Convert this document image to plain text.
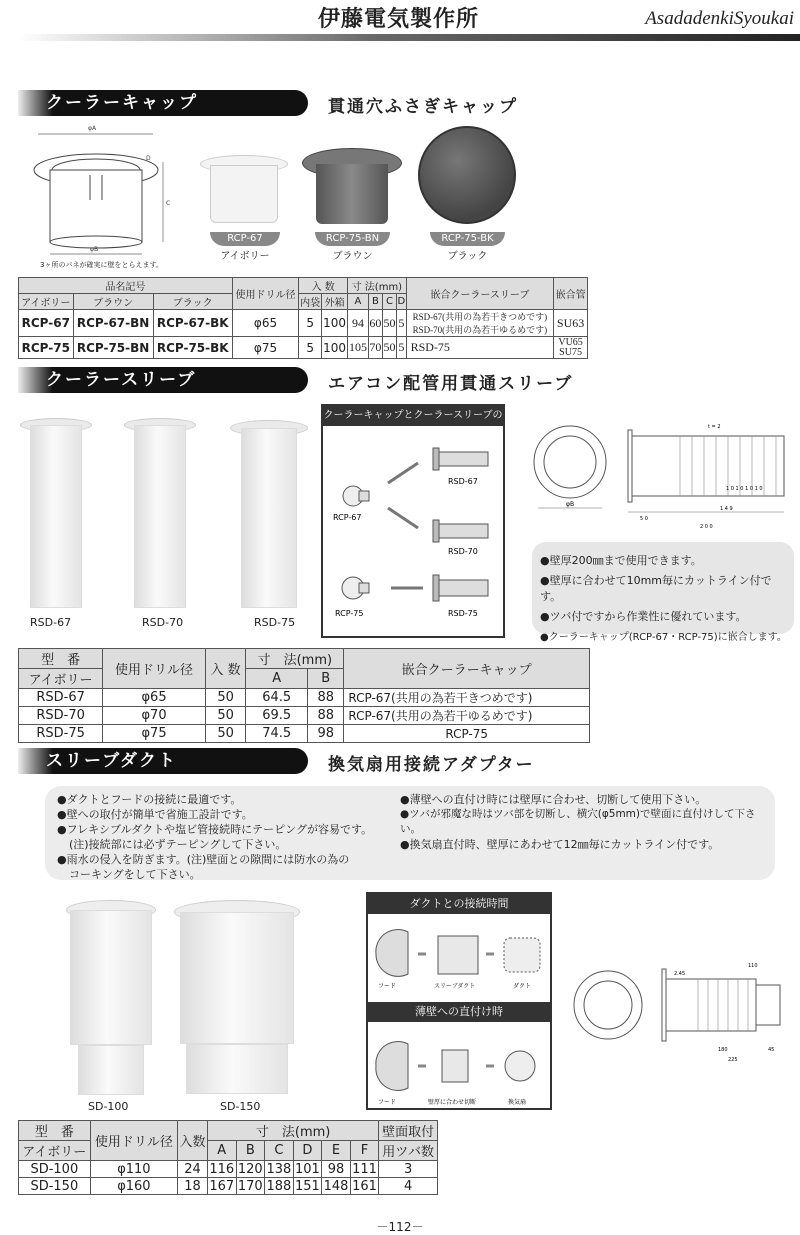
伊藤電気製作所	AsadadenkiSyoukai
クーラーキャップ	貫通穴ふさぎキャップ
φA
D
C
φB
3ヶ所のバネが確実に壁をとらえます。
RCP-67
アイボリー
RCP-75-BN
ブラウン
RCP-75-BK
ブラック
品名記号			使用ドリル径	入 数		寸 法(mm)				嵌合クーラースリーブ	嵌合管
アイボリー	ブラウン	ブラック		内袋	外箱	A	B	C	D		
RCP-67	RCP-67-BN	RCP-67-BK	φ65	5	100	94	60	50	5	RSD-67(共用の為若干きつめです)
RSD-70(共用の為若干ゆるめです)	SU63
RCP-75	RCP-75-BN	RCP-75-BK	φ75	5	100	105	70	50	5	RSD-75	VU65
SU75
クーラースリーブ	エアコン配管用貫通スリーブ
RSD-67	RSD-70	RSD-75
クーラーキャップとクーラースリーブの嵌合
RCP-67
RSD-67
RSD-70
RCP-75	RSD-75
φB
t = 2
1 0 1 0 1 0 1 0
5 0
1 4 9
2 0 0

●壁厚200㎜まで使用できます。

●壁厚に合わせて10mm毎にカットライン付です。

●ツバ付ですから作業性に優れています。

●クーラーキャップ(RCP-67・RCP-75)に嵌合します。

型　番	使用ドリル径	入 数	寸　法(mm)		嵌合クーラーキャップ
アイボリー			A	B	
RSD-67	φ65	50	64.5	88	RCP-67(共用の為若干きつめです)
RSD-70	φ70	50	69.5	88	RCP-67(共用の為若干ゆるめです)
RSD-75	φ75	50	74.5	98	RCP-75
スリーブダクト	換気扇用接続アダプター
●ダクトとフードの接続に最適です。
●壁への取付が簡単で省施工設計です。
●フレキシブルダクトや塩ビ管接続時にテーピングが容易です。
(注)接続部には必ずテーピングして下さい。
●雨水の侵入を防ぎます。(注)壁面との隙間には防水の為の
コーキングをして下さい。
●薄壁への直付け時には壁厚に合わせ、切断して使用下さい。
●ツバが邪魔な時はツバ部を切断し、横穴(φ5mm)で壁面に直付けして下さい。
●換気扇直付時、壁厚にあわせて12㎜毎にカットライン付です。
SD-100	SD-150
ダクトとの接続時間
フード	スリーブダクト	ダクト
薄壁への直付け時
フード	壁厚に合わせ切断	換気扇
110
2.45
180	45
225
型　番	使用ドリル径	入数	寸　法(mm)						壁面取付
アイボリー			A	B	C	D	E	F	用ツバ数
SD-100	φ110	24	116	120	138	101	98	111	3
SD-150	φ160	18	167	170	188	151	148	161	4
－112－
